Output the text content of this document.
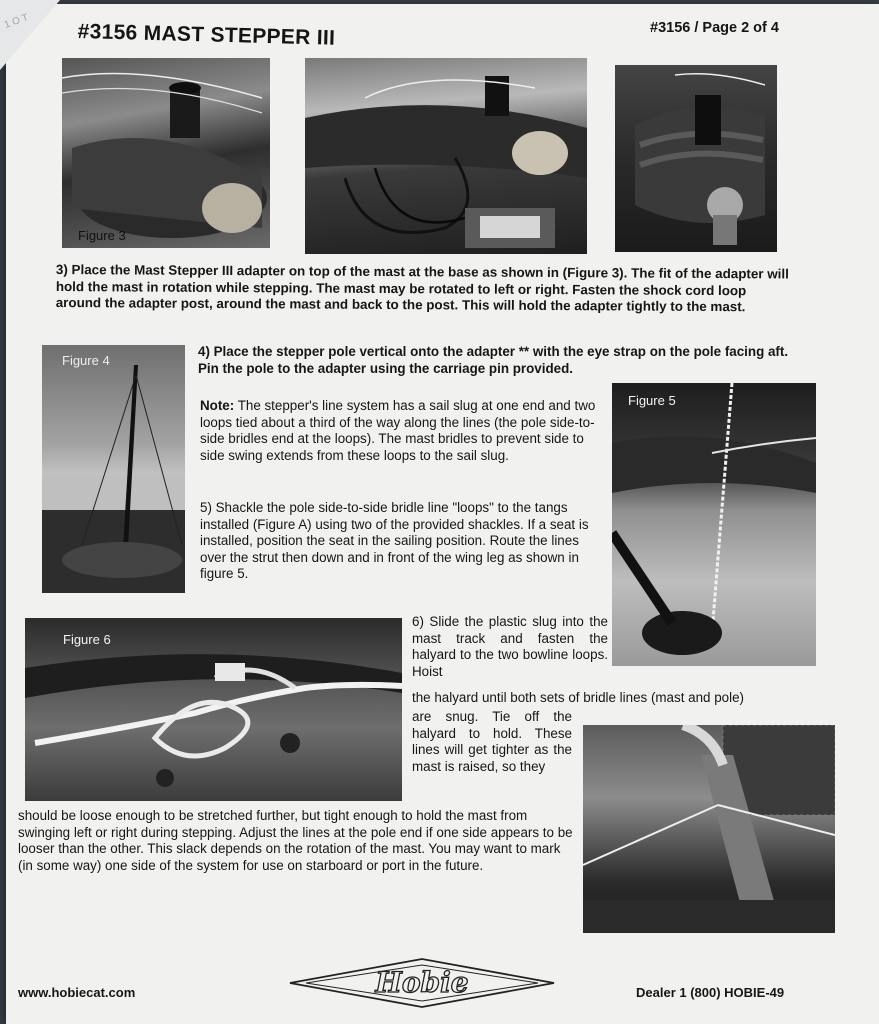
1 O T #3156 MAST STEPPER III	#3156 / Page 2 of 4
Figure 3

3) Place the Mast Stepper III adapter on top of the mast at the base as shown in (Figure 3). The fit of the adapter will hold the mast in rotation while stepping. The mast may be rotated to left or right. Fasten the shock cord loop around the adapter post, around the mast and back to the post. This will hold the adapter tightly to the mast.

Figure 4

4) Place the stepper pole vertical onto the adapter ** with the eye strap on the pole facing aft. Pin the pole to the adapter using the carriage pin provided.

Note: The stepper's line system has a sail slug at one end and two loops tied about a third of the way along the lines (the pole side-to-side bridles end at the loops). The mast bridles to prevent side to side swing extends from these loops to the sail slug.

Figure 5

5) Shackle the pole side-to-side bridle line "loops" to the tangs installed (Figure A) using two of the provided shackles. If a seat is installed, position the seat in the sailing position. Route the lines over the strut then down and in front of the wing leg as shown in figure 5.

Figure 6

6) Slide the plastic slug into the mast track and fasten the halyard to the two bowline loops. Hoist

the halyard until both sets of bridle lines (mast and pole)

are snug. Tie off the halyard to hold. These lines will get tighter as the mast is raised, so they

should be loose enough to be stretched further, but tight enough to hold the mast from swinging left or right during stepping. Adjust the lines at the pole end if one side appears to be looser than the other. This slack depends on the rotation of the mast. You may want to mark (in some way) one side of the system for use on starboard or port in the future.

www.hobiecat.com	Hobie	Dealer 1 (800) HOBIE-49
